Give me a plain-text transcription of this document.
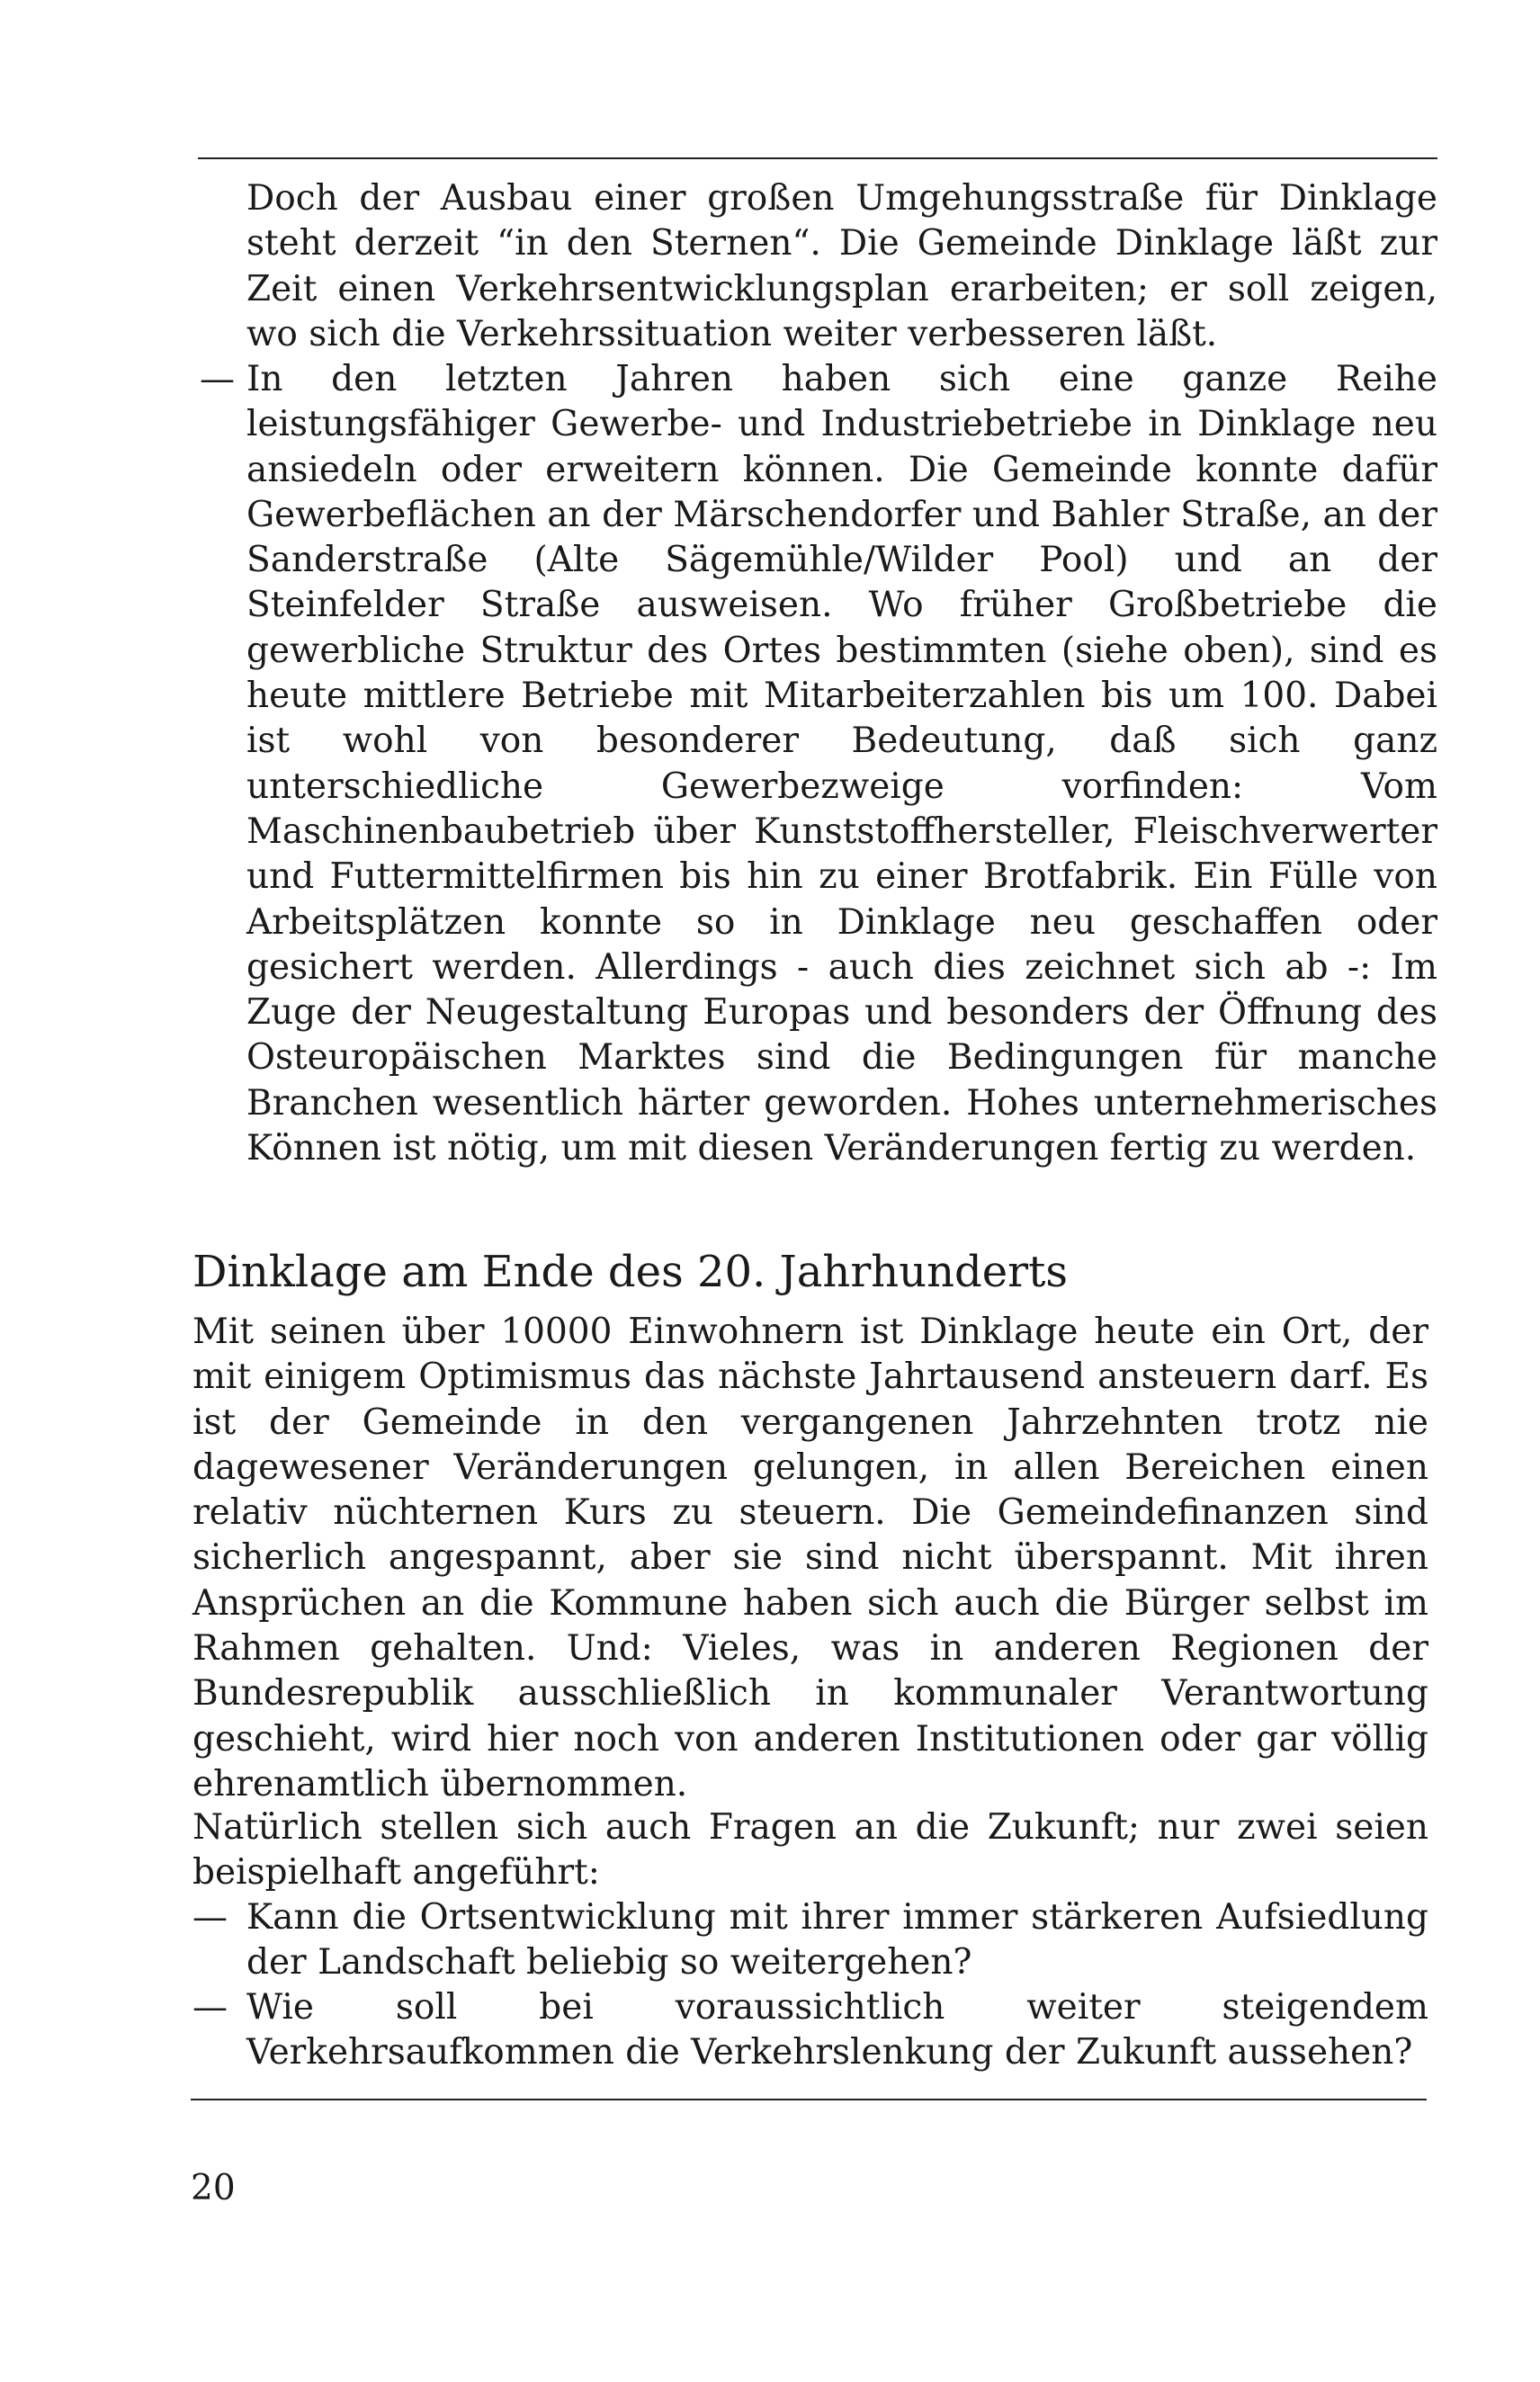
Doch der Ausbau einer großen Umgehungsstraße für Dinklage steht derzeit “in den Sternen“. Die Gemeinde Dinklage läßt zur Zeit einen Verkehrsentwicklungsplan erarbeiten; er soll zeigen, wo sich die Verkehrssituation weiter verbesseren läßt.

— In den letzten Jahren haben sich eine ganze Reihe leistungsfähiger Gewerbe- und Industriebetriebe in Dinklage neu ansiedeln oder erweitern können. Die Gemeinde konnte dafür Gewerbeflächen an der Märschendorfer und Bahler Straße, an der Sanderstraße (Alte Sägemühle/Wilder Pool) und an der Steinfelder Straße ausweisen. Wo früher Großbetriebe die gewerbliche Struktur des Ortes bestimmten (siehe oben), sind es heute mittlere Betriebe mit Mitarbeiterzahlen bis um 100. Dabei ist wohl von besonderer Bedeutung, daß sich ganz unterschiedliche Gewerbezweige vorfinden: Vom Maschinenbaubetrieb über Kunststoffhersteller, Fleischverwerter und Futtermittelfirmen bis hin zu einer Brotfabrik. Ein Fülle von Arbeitsplätzen konnte so in Dinklage neu geschaffen oder gesichert werden. Allerdings - auch dies zeichnet sich ab -: Im Zuge der Neugestaltung Europas und besonders der Öffnung des Osteuropäischen Marktes sind die Bedingungen für manche Branchen wesentlich härter geworden. Hohes unternehmerisches Können ist nötig, um mit diesen Veränderungen fertig zu werden.

Dinklage am Ende des 20. Jahrhunderts

Mit seinen über 10000 Einwohnern ist Dinklage heute ein Ort, der mit einigem Optimismus das nächste Jahrtausend ansteuern darf. Es ist der Gemeinde in den vergangenen Jahrzehnten trotz nie dagewesener Veränderungen gelungen, in allen Bereichen einen relativ nüchternen Kurs zu steuern. Die Gemeindefinanzen sind sicherlich angespannt, aber sie sind nicht überspannt. Mit ihren Ansprüchen an die Kommune haben sich auch die Bürger selbst im Rahmen gehalten. Und: Vieles, was in anderen Regionen der Bundesrepublik ausschließlich in kommunaler Verantwortung geschieht, wird hier noch von anderen Institutionen oder gar völlig ehrenamtlich übernommen.

Natürlich stellen sich auch Fragen an die Zukunft; nur zwei seien beispielhaft angeführt:

— Kann die Ortsentwicklung mit ihrer immer stärkeren Aufsiedlung der Landschaft beliebig so weitergehen?

— Wie soll bei voraussichtlich weiter steigendem Verkehrsaufkommen die Verkehrslenkung der Zukunft aussehen?

20
